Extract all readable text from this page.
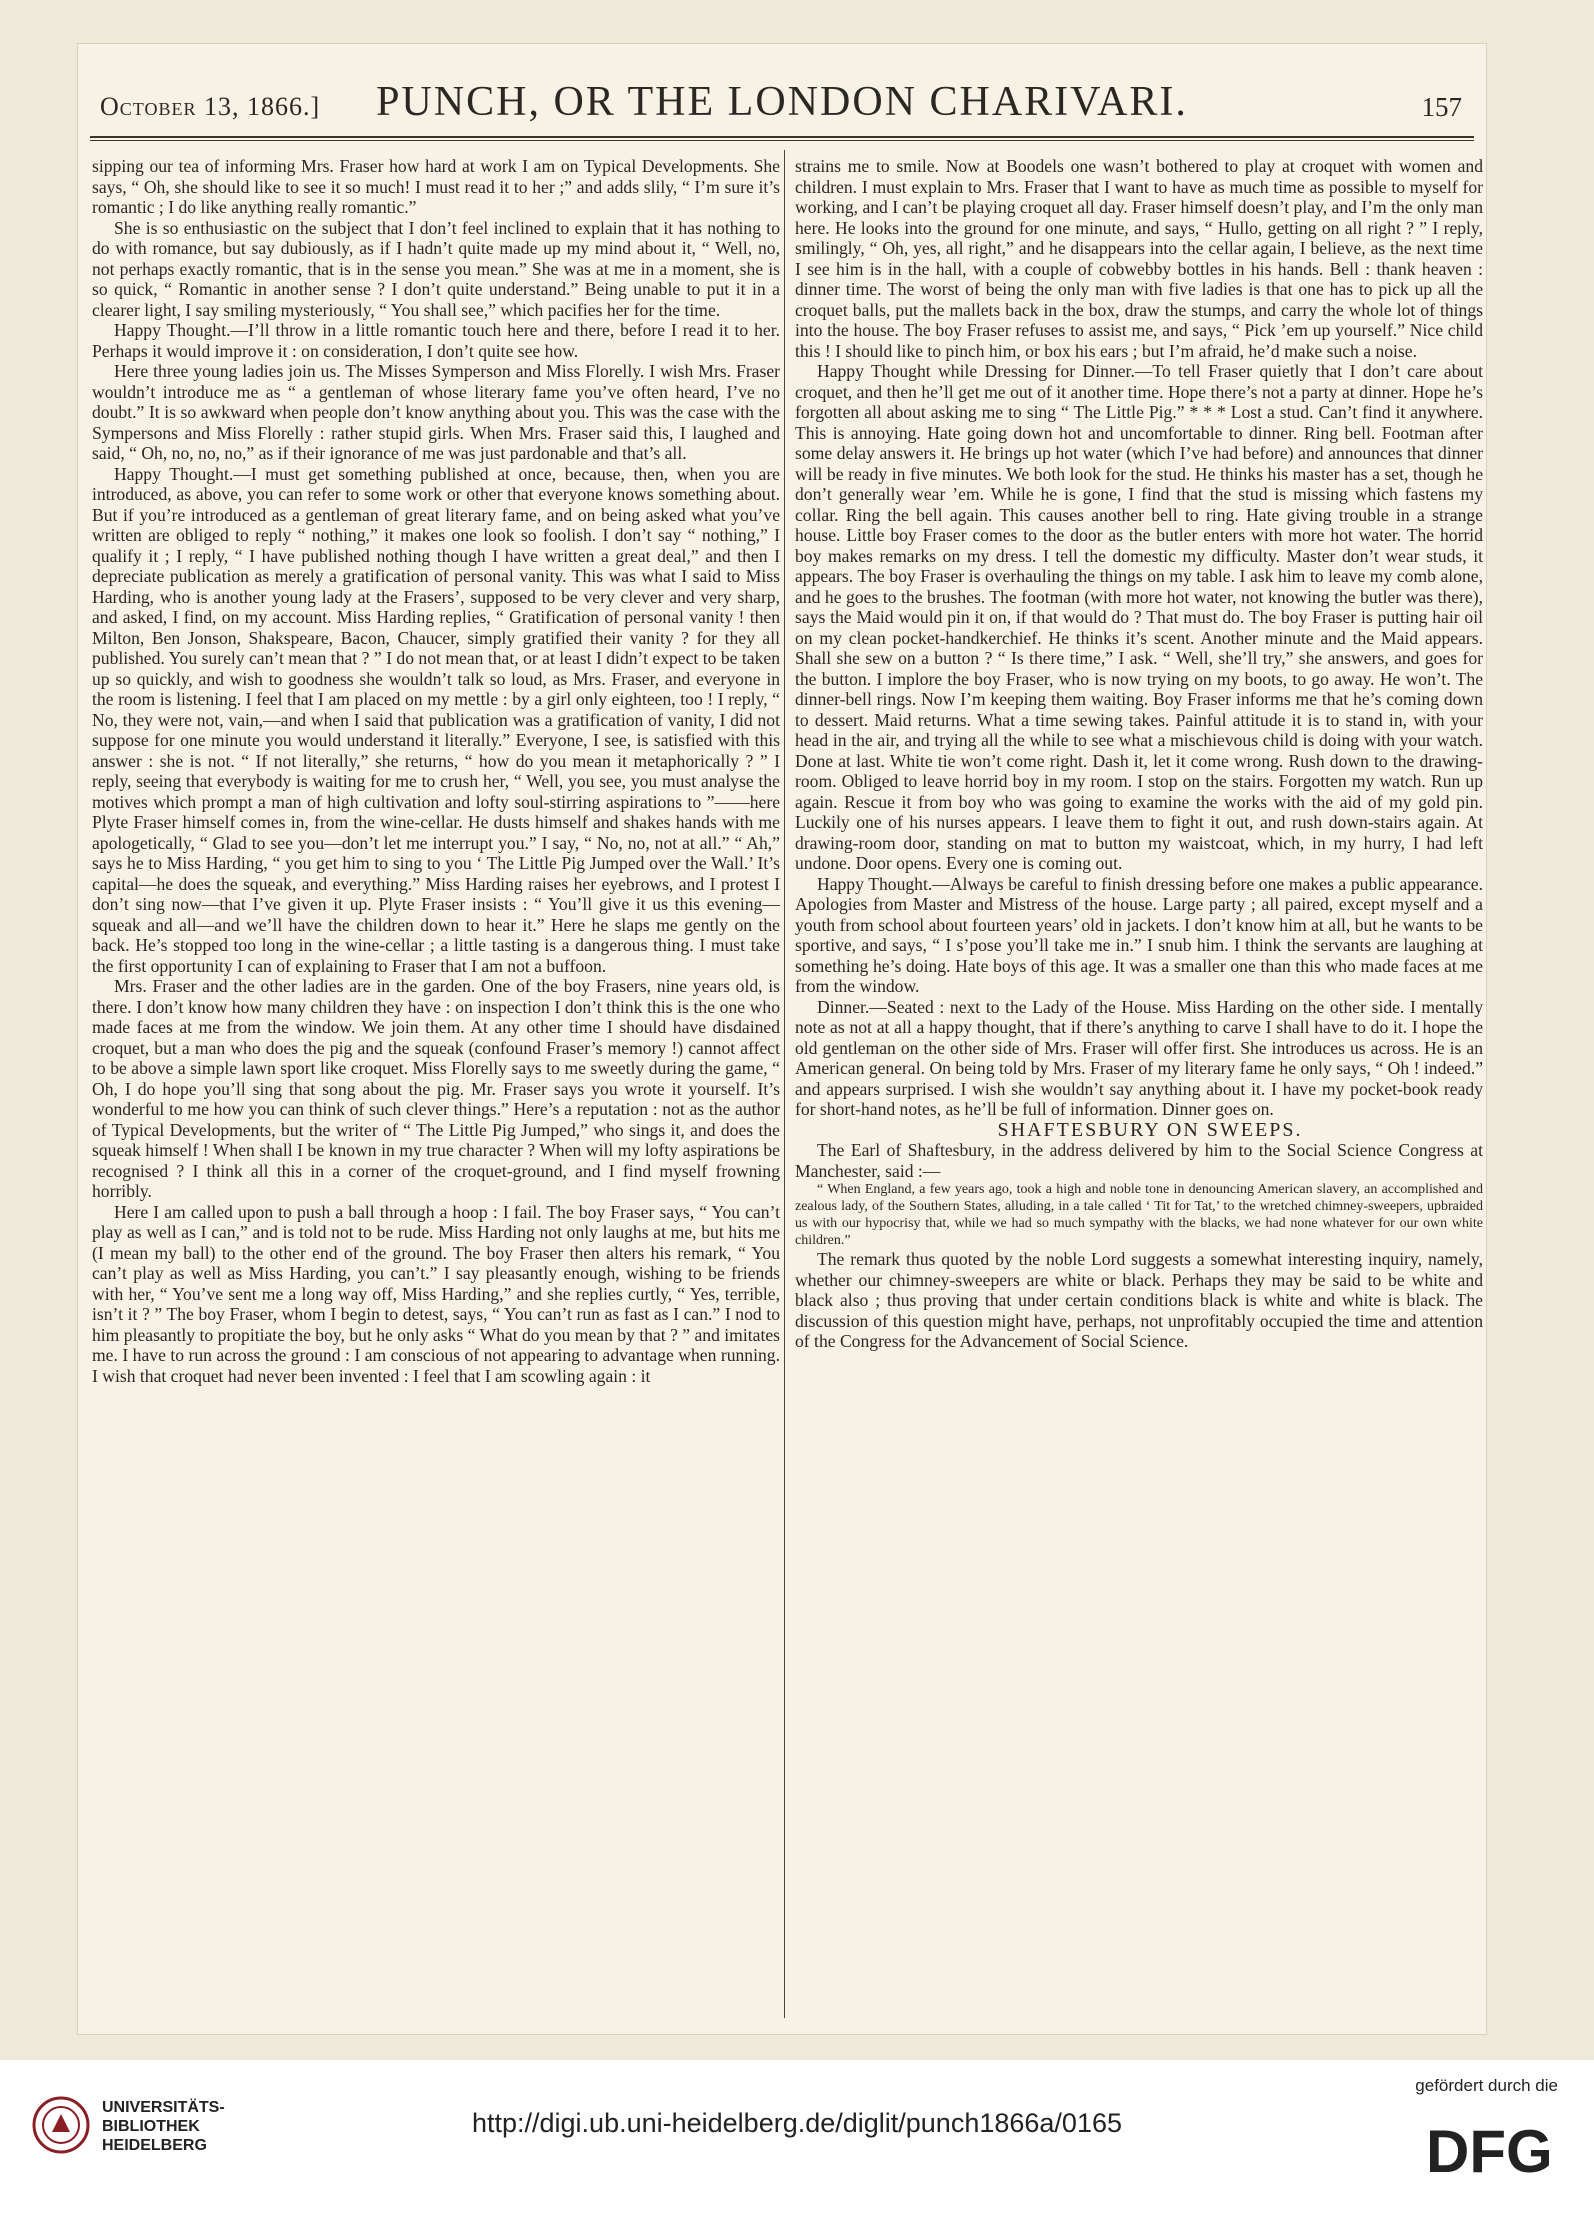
October 13, 1866.]	PUNCH, OR THE LONDON CHARIVARI.	157

sipping our tea of informing Mrs. Fraser how hard at work I am on Typical Developments. She says, “ Oh, she should like to see it so much! I must read it to her ;” and adds slily, “ I’m sure it’s romantic ; I do like anything really romantic.”

She is so enthusiastic on the subject that I don’t feel inclined to explain that it has nothing to do with romance, but say dubiously, as if I hadn’t quite made up my mind about it, “ Well, no, not perhaps exactly romantic, that is in the sense you mean.” She was at me in a moment, she is so quick, “ Romantic in another sense ? I don’t quite understand.” Being unable to put it in a clearer light, I say smiling mysteriously, “ You shall see,” which pacifies her for the time.

Happy Thought.—I’ll throw in a little romantic touch here and there, before I read it to her. Perhaps it would improve it : on consideration, I don’t quite see how.

Here three young ladies join us. The Misses Symperson and Miss Florelly. I wish Mrs. Fraser wouldn’t introduce me as “ a gentleman of whose literary fame you’ve often heard, I’ve no doubt.” It is so awkward when people don’t know anything about you. This was the case with the Sympersons and Miss Florelly : rather stupid girls. When Mrs. Fraser said this, I laughed and said, “ Oh, no, no, no,” as if their ignorance of me was just pardonable and that’s all.

Happy Thought.—I must get something published at once, because, then, when you are introduced, as above, you can refer to some work or other that everyone knows something about. But if you’re introduced as a gentleman of great literary fame, and on being asked what you’ve written are obliged to reply “ nothing,” it makes one look so foolish. I don’t say “ nothing,” I qualify it ; I reply, “ I have published nothing though I have written a great deal,” and then I depreciate publication as merely a gratification of personal vanity. This was what I said to Miss Harding, who is another young lady at the Frasers’, supposed to be very clever and very sharp, and asked, I find, on my account. Miss Harding replies, “ Gratification of personal vanity ! then Milton, Ben Jonson, Shakspeare, Bacon, Chaucer, simply gratified their vanity ? for they all published. You surely can’t mean that ? ” I do not mean that, or at least I didn’t expect to be taken up so quickly, and wish to goodness she wouldn’t talk so loud, as Mrs. Fraser, and everyone in the room is listening. I feel that I am placed on my mettle : by a girl only eighteen, too ! I reply, “ No, they were not, vain,—and when I said that publication was a gratification of vanity, I did not suppose for one minute you would understand it literally.” Everyone, I see, is satisfied with this answer : she is not. “ If not literally,” she returns, “ how do you mean it metaphorically ? ” I reply, seeing that everybody is waiting for me to crush her, “ Well, you see, you must analyse the motives which prompt a man of high cultivation and lofty soul-stirring aspirations to ”——here Plyte Fraser himself comes in, from the wine-cellar. He dusts himself and shakes hands with me apologetically, “ Glad to see you—don’t let me interrupt you.” I say, “ No, no, not at all.” “ Ah,” says he to Miss Harding, “ you get him to sing to you ‘ The Little Pig Jumped over the Wall.’ It’s capital—he does the squeak, and everything.” Miss Harding raises her eyebrows, and I protest I don’t sing now—that I’ve given it up. Plyte Fraser insists : “ You’ll give it us this evening—squeak and all—and we’ll have the children down to hear it.” Here he slaps me gently on the back. He’s stopped too long in the wine-cellar ; a little tasting is a dangerous thing. I must take the first opportunity I can of explaining to Fraser that I am not a buffoon.

Mrs. Fraser and the other ladies are in the garden. One of the boy Frasers, nine years old, is there. I don’t know how many children they have : on inspection I don’t think this is the one who made faces at me from the window. We join them. At any other time I should have disdained croquet, but a man who does the pig and the squeak (confound Fraser’s memory !) cannot affect to be above a simple lawn sport like croquet. Miss Florelly says to me sweetly during the game, “ Oh, I do hope you’ll sing that song about the pig. Mr. Fraser says you wrote it yourself. It’s wonderful to me how you can think of such clever things.” Here’s a reputation : not as the author of Typical Developments, but the writer of “ The Little Pig Jumped,” who sings it, and does the squeak himself ! When shall I be known in my true character ? When will my lofty aspirations be recognised ? I think all this in a corner of the croquet-ground, and I find myself frowning horribly.

Here I am called upon to push a ball through a hoop : I fail. The boy Fraser says, “ You can’t play as well as I can,” and is told not to be rude. Miss Harding not only laughs at me, but hits me (I mean my ball) to the other end of the ground. The boy Fraser then alters his remark, “ You can’t play as well as Miss Harding, you can’t.” I say pleasantly enough, wishing to be friends with her, “ You’ve sent me a long way off, Miss Harding,” and she replies curtly, “ Yes, terrible, isn’t it ? ” The boy Fraser, whom I begin to detest, says, “ You can’t run as fast as I can.” I nod to him pleasantly to propitiate the boy, but he only asks “ What do you mean by that ? ” and imitates me. I have to run across the ground : I am conscious of not appearing to advantage when running. I wish that croquet had never been invented : I feel that I am scowling again : it

strains me to smile. Now at Boodels one wasn’t bothered to play at croquet with women and children. I must explain to Mrs. Fraser that I want to have as much time as possible to myself for working, and I can’t be playing croquet all day. Fraser himself doesn’t play, and I’m the only man here. He looks into the ground for one minute, and says, “ Hullo, getting on all right ? ” I reply, smilingly, “ Oh, yes, all right,” and he disappears into the cellar again, I believe, as the next time I see him is in the hall, with a couple of cobwebby bottles in his hands. Bell : thank heaven : dinner time. The worst of being the only man with five ladies is that one has to pick up all the croquet balls, put the mallets back in the box, draw the stumps, and carry the whole lot of things into the house. The boy Fraser refuses to assist me, and says, “ Pick ’em up yourself.” Nice child this ! I should like to pinch him, or box his ears ; but I’m afraid, he’d make such a noise.

Happy Thought while Dressing for Dinner.—To tell Fraser quietly that I don’t care about croquet, and then he’ll get me out of it another time. Hope there’s not a party at dinner. Hope he’s forgotten all about asking me to sing “ The Little Pig.” * * * Lost a stud. Can’t find it anywhere. This is annoying. Hate going down hot and uncomfortable to dinner. Ring bell. Footman after some delay answers it. He brings up hot water (which I’ve had before) and announces that dinner will be ready in five minutes. We both look for the stud. He thinks his master has a set, though he don’t generally wear ’em. While he is gone, I find that the stud is missing which fastens my collar. Ring the bell again. This causes another bell to ring. Hate giving trouble in a strange house. Little boy Fraser comes to the door as the butler enters with more hot water. The horrid boy makes remarks on my dress. I tell the domestic my difficulty. Master don’t wear studs, it appears. The boy Fraser is overhauling the things on my table. I ask him to leave my comb alone, and he goes to the brushes. The footman (with more hot water, not knowing the butler was there), says the Maid would pin it on, if that would do ? That must do. The boy Fraser is putting hair oil on my clean pocket-handkerchief. He thinks it’s scent. Another minute and the Maid appears. Shall she sew on a button ? “ Is there time,” I ask. “ Well, she’ll try,” she answers, and goes for the button. I implore the boy Fraser, who is now trying on my boots, to go away. He won’t. The dinner-bell rings. Now I’m keeping them waiting. Boy Fraser informs me that he’s coming down to dessert. Maid returns. What a time sewing takes. Painful attitude it is to stand in, with your head in the air, and trying all the while to see what a mischievous child is doing with your watch. Done at last. White tie won’t come right. Dash it, let it come wrong. Rush down to the drawing-room. Obliged to leave horrid boy in my room. I stop on the stairs. Forgotten my watch. Run up again. Rescue it from boy who was going to examine the works with the aid of my gold pin. Luckily one of his nurses appears. I leave them to fight it out, and rush down-stairs again. At drawing-room door, standing on mat to button my waistcoat, which, in my hurry, I had left undone. Door opens. Every one is coming out.

Happy Thought.—Always be careful to finish dressing before one makes a public appearance. Apologies from Master and Mistress of the house. Large party ; all paired, except myself and a youth from school about fourteen years’ old in jackets. I don’t know him at all, but he wants to be sportive, and says, “ I s’pose you’ll take me in.” I snub him. I think the servants are laughing at something he’s doing. Hate boys of this age. It was a smaller one than this who made faces at me from the window.

Dinner.—Seated : next to the Lady of the House. Miss Harding on the other side. I mentally note as not at all a happy thought, that if there’s anything to carve I shall have to do it. I hope the old gentleman on the other side of Mrs. Fraser will offer first. She introduces us across. He is an American general. On being told by Mrs. Fraser of my literary fame he only says, “ Oh ! indeed.” and appears surprised. I wish she wouldn’t say anything about it. I have my pocket-book ready for short-hand notes, as he’ll be full of information. Dinner goes on.

SHAFTESBURY ON SWEEPS.

The Earl of Shaftesbury, in the address delivered by him to the Social Science Congress at Manchester, said :—

“ When England, a few years ago, took a high and noble tone in denouncing American slavery, an accomplished and zealous lady, of the Southern States, alluding, in a tale called ‘ Tit for Tat,’ to the wretched chimney-sweepers, upbraided us with our hypocrisy that, while we had so much sympathy with the blacks, we had none whatever for our own white children.”

The remark thus quoted by the noble Lord suggests a somewhat interesting inquiry, namely, whether our chimney-sweepers are white or black. Perhaps they may be said to be white and black also ; thus proving that under certain conditions black is white and white is black. The discussion of this question might have, perhaps, not unprofitably occupied the time and attention of the Congress for the Advancement of Social Science.

UNIVERSITÄTS-
BIBLIOTHEK
HEIDELBERG
http://digi.ub.uni-heidelberg.de/diglit/punch1866a/0165
gefördert durch die
DFG
